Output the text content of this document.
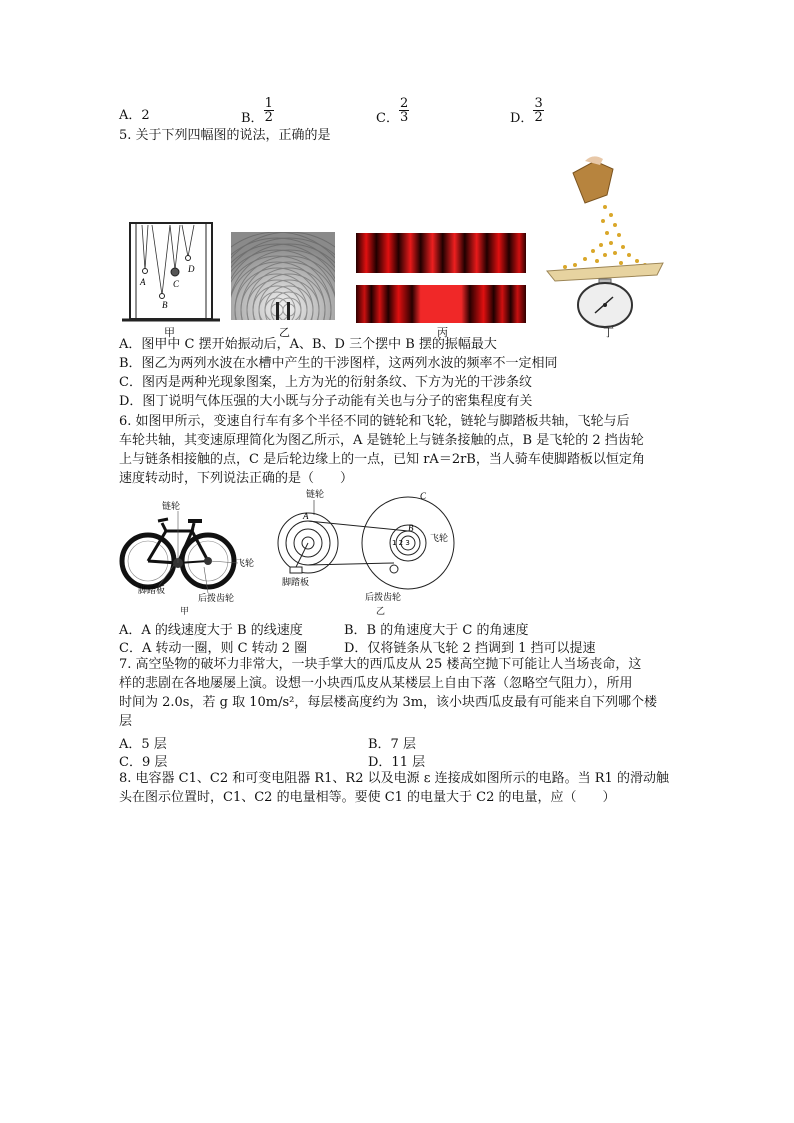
A．2	B． $\frac{1}{2}$	C． $\frac{2}{3}$	D． $\frac{3}{2}$
5. 关于下列四幅图的说法，正确的是
A
B
C
D
甲	乙	丙	丁
A．图甲中 C 摆开始振动后，A、B、D 三个摆中 B 摆的振幅最大
B．图乙为两列水波在水槽中产生的干涉图样，这两列水波的频率不一定相同
C．图丙是两种光现象图案，上方为光的衍射条纹、下方为光的干涉条纹
D．图丁说明气体压强的大小既与分子动能有关也与分子的密集程度有关
6. 如图甲所示，变速自行车有多个半径不同的链轮和飞轮，链轮与脚踏板共轴，飞轮与后
车轮共轴，其变速原理简化为图乙所示，A 是链轮上与链条接触的点，B 是飞轮的 2 挡齿轮
上与链条相接触的点，C 是后轮边缘上的一点，已知 rA＝2rB，当人骑车使脚踏板以恒定角
速度转动时，下列说法正确的是（　　）
链轮
飞轮
脚踏板
后拨齿轮
甲
链轮
飞轮
脚踏板
后拨齿轮
A
B
C
1 2 3
乙
A．A 的线速度大于 B 的线速度	B．B 的角速度大于 C 的角速度
C．A 转动一圈，则 C 转动 2 圈	D．仅将链条从飞轮 2 挡调到 1 挡可以提速
7. 高空坠物的破坏力非常大，一块手掌大的西瓜皮从 25 楼高空抛下可能让人当场丧命，这
样的悲剧在各地屡屡上演。设想一小块西瓜皮从某楼层上自由下落（忽略空气阻力），所用
时间为 2.0s，若 g 取 10m/s²，每层楼高度约为 3m，该小块西瓜皮最有可能来自下列哪个楼
层
A．5 层	B．7 层
C．9 层	D．11 层
8. 电容器 C1、C2 和可变电阻器 R1、R2 以及电源 ε 连接成如图所示的电路。当 R1 的滑动触
头在图示位置时，C1、C2 的电量相等。要使 C1 的电量大于 C2 的电量，应（　　）
